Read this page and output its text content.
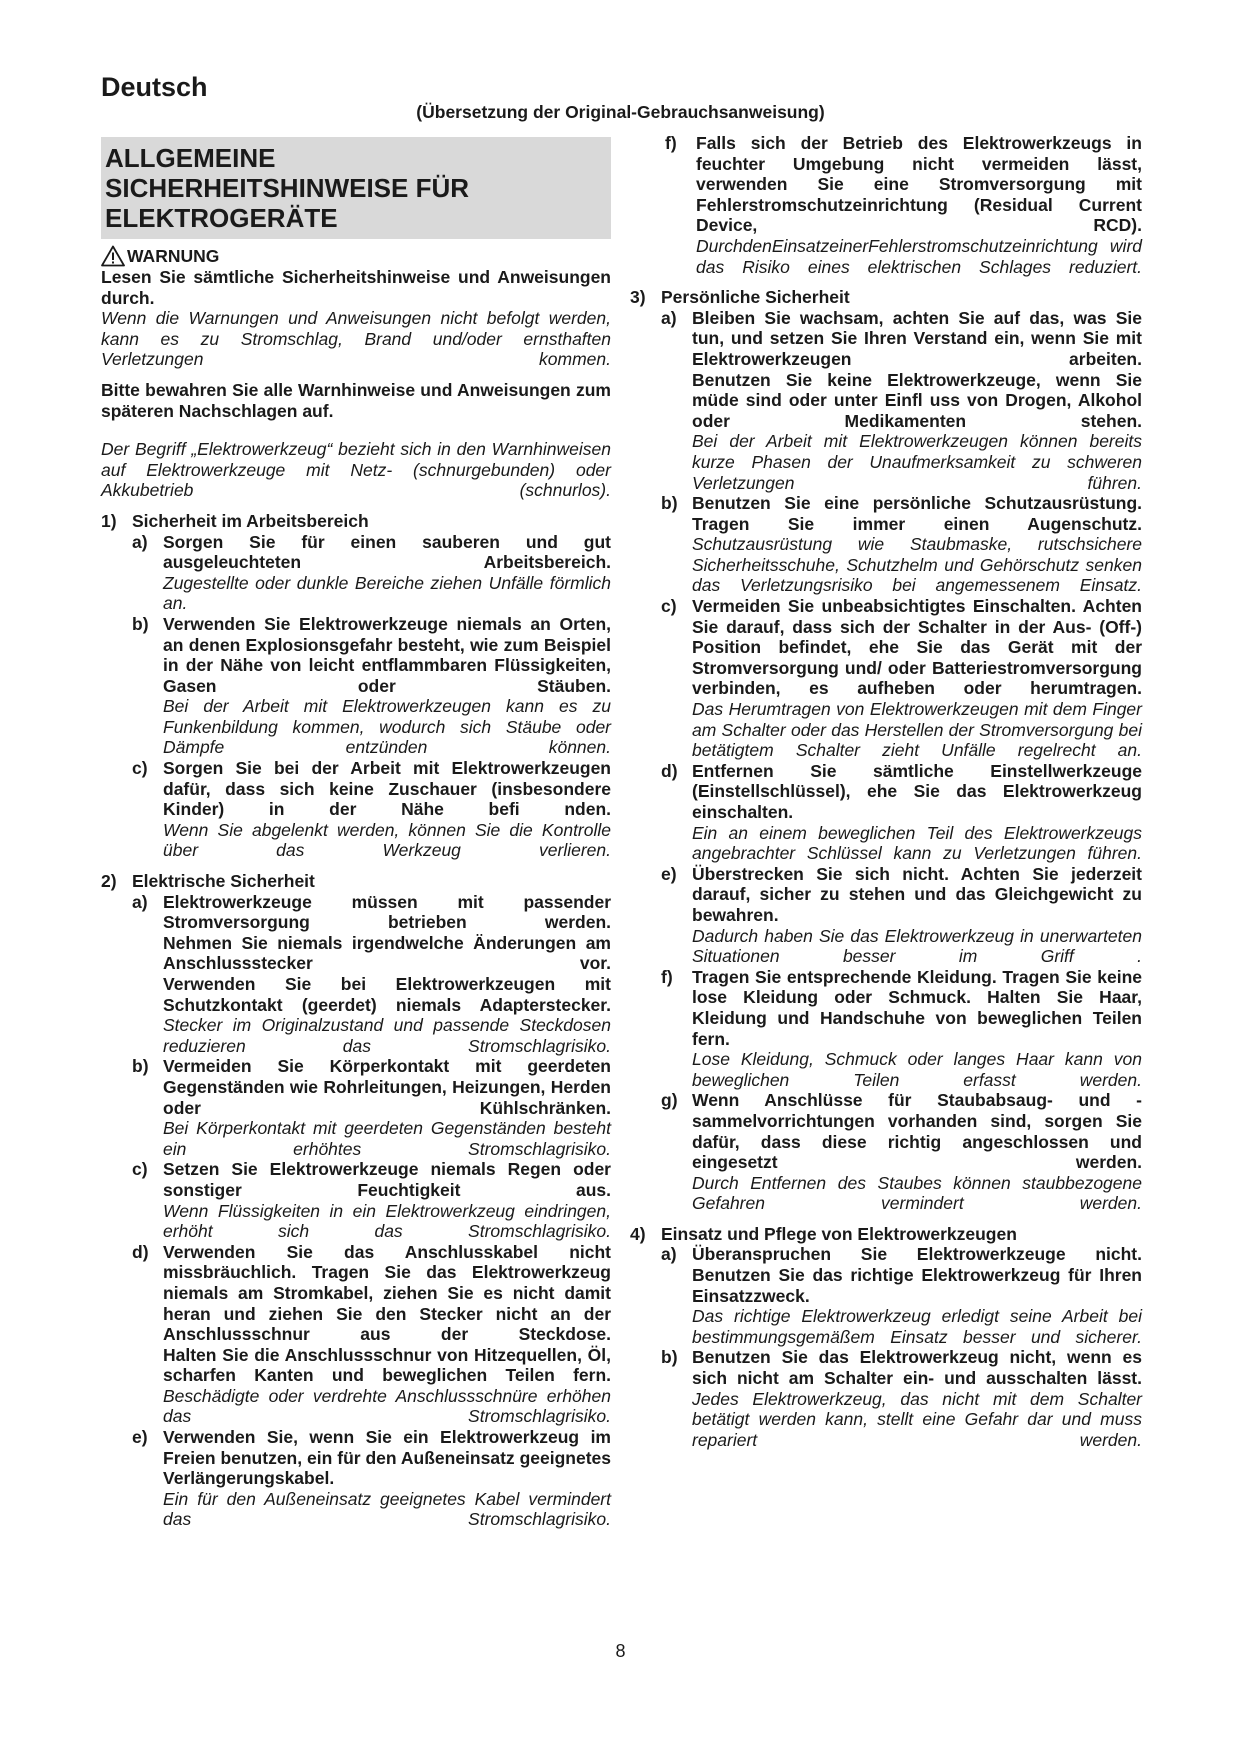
Deutsch
(Übersetzung der Original-Gebrauchsanweisung)
ALLGEMEINE
SICHERHEITSHINWEISE FÜR
ELEKTROGERÄTE
WARNUNG

Lesen Sie sämtliche Sicherheitshinweise und Anweisungen durch.

Wenn die Warnungen und Anweisungen nicht befolgt werden, kann es zu Stromschlag, Brand und/oder ernsthaften Verletzungen kommen.

Bitte bewahren Sie alle Warnhinweise und Anweisungen zum späteren Nachschlagen auf.

Der Begriff „Elektrowerkzeug“ bezieht sich in den Warnhinweisen auf Elektrowerkzeuge mit Netz- (schnurgebunden) oder Akkubetrieb (schnurlos).

1) Sicherheit im Arbeitsbereich
a) Sorgen Sie für einen sauberen und gut ausgeleuchteten Arbeitsbereich.

Zugestellte oder dunkle Bereiche ziehen Unfälle förmlich an.

b) Verwenden Sie Elektrowerkzeuge niemals an Orten, an denen Explosionsgefahr besteht, wie zum Beispiel in der Nähe von leicht entflammbaren Flüssigkeiten, Gasen oder Stäuben.

Bei der Arbeit mit Elektrowerkzeugen kann es zu Funkenbildung kommen, wodurch sich Stäube oder Dämpfe entzünden können.

c) Sorgen Sie bei der Arbeit mit Elektrowerkzeugen dafür, dass sich keine Zuschauer (insbesondere Kinder) in der Nähe befi nden.

Wenn Sie abgelenkt werden, können Sie die Kontrolle über das Werkzeug verlieren.

2) Elektrische Sicherheit
a) Elektrowerkzeuge müssen mit passender Stromversorgung betrieben werden.

Nehmen Sie niemals irgendwelche Änderungen am Anschlussstecker vor.

Verwenden Sie bei Elektrowerkzeugen mit Schutzkontakt (geerdet) niemals Adapterstecker.

Stecker im Originalzustand und passende Steckdosen reduzieren das Stromschlagrisiko.

b) Vermeiden Sie Körperkontakt mit geerdeten Gegenständen wie Rohrleitungen, Heizungen, Herden oder Kühlschränken.

Bei Körperkontakt mit geerdeten Gegenständen besteht ein erhöhtes Stromschlagrisiko.

c) Setzen Sie Elektrowerkzeuge niemals Regen oder sonstiger Feuchtigkeit aus.

Wenn Flüssigkeiten in ein Elektrowerkzeug eindringen, erhöht sich das Stromschlagrisiko.

d) Verwenden Sie das Anschlusskabel nicht missbräuchlich. Tragen Sie das Elektrowerkzeug niemals am Stromkabel, ziehen Sie es nicht damit heran und ziehen Sie den Stecker nicht an der Anschlussschnur aus der Steckdose.

Halten Sie die Anschlussschnur von Hitzequellen, Öl, scharfen Kanten und beweglichen Teilen fern.

Beschädigte oder verdrehte Anschlussschnüre erhöhen das Stromschlagrisiko.

e) Verwenden Sie, wenn Sie ein Elektrowerkzeug im Freien benutzen, ein für den Außeneinsatz geeignetes Verlängerungskabel.

Ein für den Außeneinsatz geeignetes Kabel vermindert das Stromschlagrisiko.

f)	Falls sich der Betrieb des Elektrowerkzeugs in feuchter Umgebung nicht vermeiden lässt, verwenden Sie eine Stromversorgung mit Fehlerstromschutzeinrichtung (Residual Current Device, RCD).

DurchdenEinsatzeinerFehlerstromschutzeinrichtung wird das Risiko eines elektrischen Schlages reduziert.

3) Persönliche Sicherheit
a) Bleiben Sie wachsam, achten Sie auf das, was Sie tun, und setzen Sie Ihren Verstand ein, wenn Sie mit Elektrowerkzeugen arbeiten.

Benutzen Sie keine Elektrowerkzeuge, wenn Sie müde sind oder unter Einfl uss von Drogen, Alkohol oder Medikamenten stehen.

Bei der Arbeit mit Elektrowerkzeugen können bereits kurze Phasen der Unaufmerksamkeit zu schweren Verletzungen führen.

b) Benutzen Sie eine persönliche Schutzausrüstung. Tragen Sie immer einen Augenschutz.

Schutzausrüstung wie Staubmaske, rutschsichere Sicherheitsschuhe, Schutzhelm und Gehörschutz senken das Verletzungsrisiko bei angemessenem Einsatz.

c) Vermeiden Sie unbeabsichtigtes Einschalten. Achten Sie darauf, dass sich der Schalter in der Aus- (Off-) Position befindet, ehe Sie das Gerät mit der Stromversorgung und/ oder Batteriestromversorgung verbinden, es aufheben oder herumtragen.

Das Herumtragen von Elektrowerkzeugen mit dem Finger am Schalter oder das Herstellen der Stromversorgung bei betätigtem Schalter zieht Unfälle regelrecht an.

d) Entfernen Sie sämtliche Einstellwerkzeuge (Einstellschlüssel), ehe Sie das Elektrowerkzeug einschalten.

Ein an einem beweglichen Teil des Elektrowerkzeugs angebrachter Schlüssel kann zu Verletzungen führen.

e) Überstrecken Sie sich nicht. Achten Sie jederzeit darauf, sicher zu stehen und das Gleichgewicht zu bewahren.

Dadurch haben Sie das Elektrowerkzeug in unerwarteten Situationen besser im Griff .

f)	Tragen Sie entsprechende Kleidung. Tragen Sie keine lose Kleidung oder Schmuck. Halten Sie Haar, Kleidung und Handschuhe von beweglichen Teilen fern.

Lose Kleidung, Schmuck oder langes Haar kann von beweglichen Teilen erfasst werden.

g) Wenn Anschlüsse für Staubabsaug- und -sammelvorrichtungen vorhanden sind, sorgen Sie dafür, dass diese richtig angeschlossen und eingesetzt werden.

Durch Entfernen des Staubes können staubbezogene Gefahren vermindert werden.

4) Einsatz und Pflege von Elektrowerkzeugen
a) Überanspruchen Sie Elektrowerkzeuge nicht. Benutzen Sie das richtige Elektrowerkzeug für Ihren Einsatzzweck.

Das richtige Elektrowerkzeug erledigt seine Arbeit bei bestimmungsgemäßem Einsatz besser und sicherer.

b) Benutzen Sie das Elektrowerkzeug nicht, wenn es sich nicht am Schalter ein- und ausschalten lässt.

Jedes Elektrowerkzeug, das nicht mit dem Schalter betätigt werden kann, stellt eine Gefahr dar und muss repariert werden.

8
